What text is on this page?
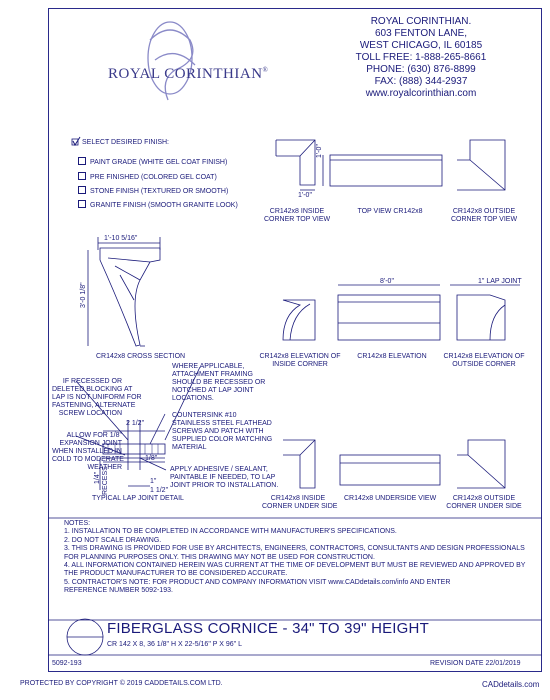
ROYAL CORINTHIAN.
603 FENTON LANE,
WEST CHICAGO, IL 60185
TOLL FREE: 1-888-265-8661
PHONE: (630) 876-8899
FAX: (888) 344-2937
www.royalcorinthian.com
ROYAL CORINTHIAN®
SELECT DESIRED FINISH:
PAINT GRADE (WHITE GEL COAT FINISH)
PRE FINISHED (COLORED GEL COAT)
STONE FINISH (TEXTURED OR SMOOTH)
GRANITE FINISH (SMOOTH GRANITE LOOK)
1'-0"
1'-0"
CR142x8 INSIDE
CORNER TOP VIEW
TOP VIEW CR142x8	CR142x8 OUTSIDE
CORNER TOP VIEW
1'-10 5/16"
3'-0 1/8"
CR142x8 CROSS SECTION
8'-0"	1" LAP JOINT
CR142x8 ELEVATION OF
INSIDE CORNER
CR142x8 ELEVATION	CR142x8 ELEVATION OF
OUTSIDE CORNER
CR142x8 INSIDE
CORNER UNDER SIDE
CR142x8 UNDERSIDE VIEW	CR142x8 OUTSIDE
CORNER UNDER SIDE
IF RECESSED OR
DELETED BLOCKING AT
LAP IS NOT UNIFORM FOR
FASTENING, ALTERNATE
SCREW LOCATION
ALLOW FOR 1/8"
EXPANSION JOINT
WHEN INSTALLED IN
COLD TO MODERATE
WEATHER
WHERE APPLICABLE,
ATTACHMENT FRAMING
SHOULD BE RECESSED OR
NOTCHED AT LAP JOINT
LOCATIONS.
COUNTERSINK #10
STAINLESS STEEL FLATHEAD
SCREWS AND PATCH WITH
SUPPLIED COLOR MATCHING
MATERIAL
APPLY ADHESIVE / SEALANT,
PAINTABLE IF NEEDED, TO LAP
JOINT PRIOR TO INSTALLATION.
2 1/2"
1/8"
1"
1 1/2"
1/4" RECESS
TYPICAL LAP JOINT DETAIL
NOTES:
1. INSTALLATION TO BE COMPLETED IN ACCORDANCE WITH MANUFACTURER'S SPECIFICATIONS.
2. DO NOT SCALE DRAWING.
3. THIS DRAWING IS PROVIDED FOR USE BY ARCHITECTS, ENGINEERS, CONTRACTORS, CONSULTANTS AND DESIGN PROFESSIONALS
FOR PLANNING PURPOSES ONLY. THIS DRAWING MAY NOT BE USED FOR CONSTRUCTION.
4. ALL INFORMATION CONTAINED HEREIN WAS CURRENT AT THE TIME OF DEVELOPMENT BUT MUST BE REVIEWED AND APPROVED BY
THE PRODUCT MANUFACTURER TO BE CONSIDERED ACCURATE.
5. CONTRACTOR'S NOTE: FOR PRODUCT AND COMPANY INFORMATION VISIT www.CADdetails.com/info AND ENTER
REFERENCE NUMBER 5092-193.
FIBERGLASS CORNICE - 34" TO 39" HEIGHT
CR 142 X 8, 36 1/8" H X 22-5/16" P X 96" L
5092-193	REVISION DATE 22/01/2019
PROTECTED BY COPYRIGHT © 2019 CADDETAILS.COM LTD.	CADdetails.com
